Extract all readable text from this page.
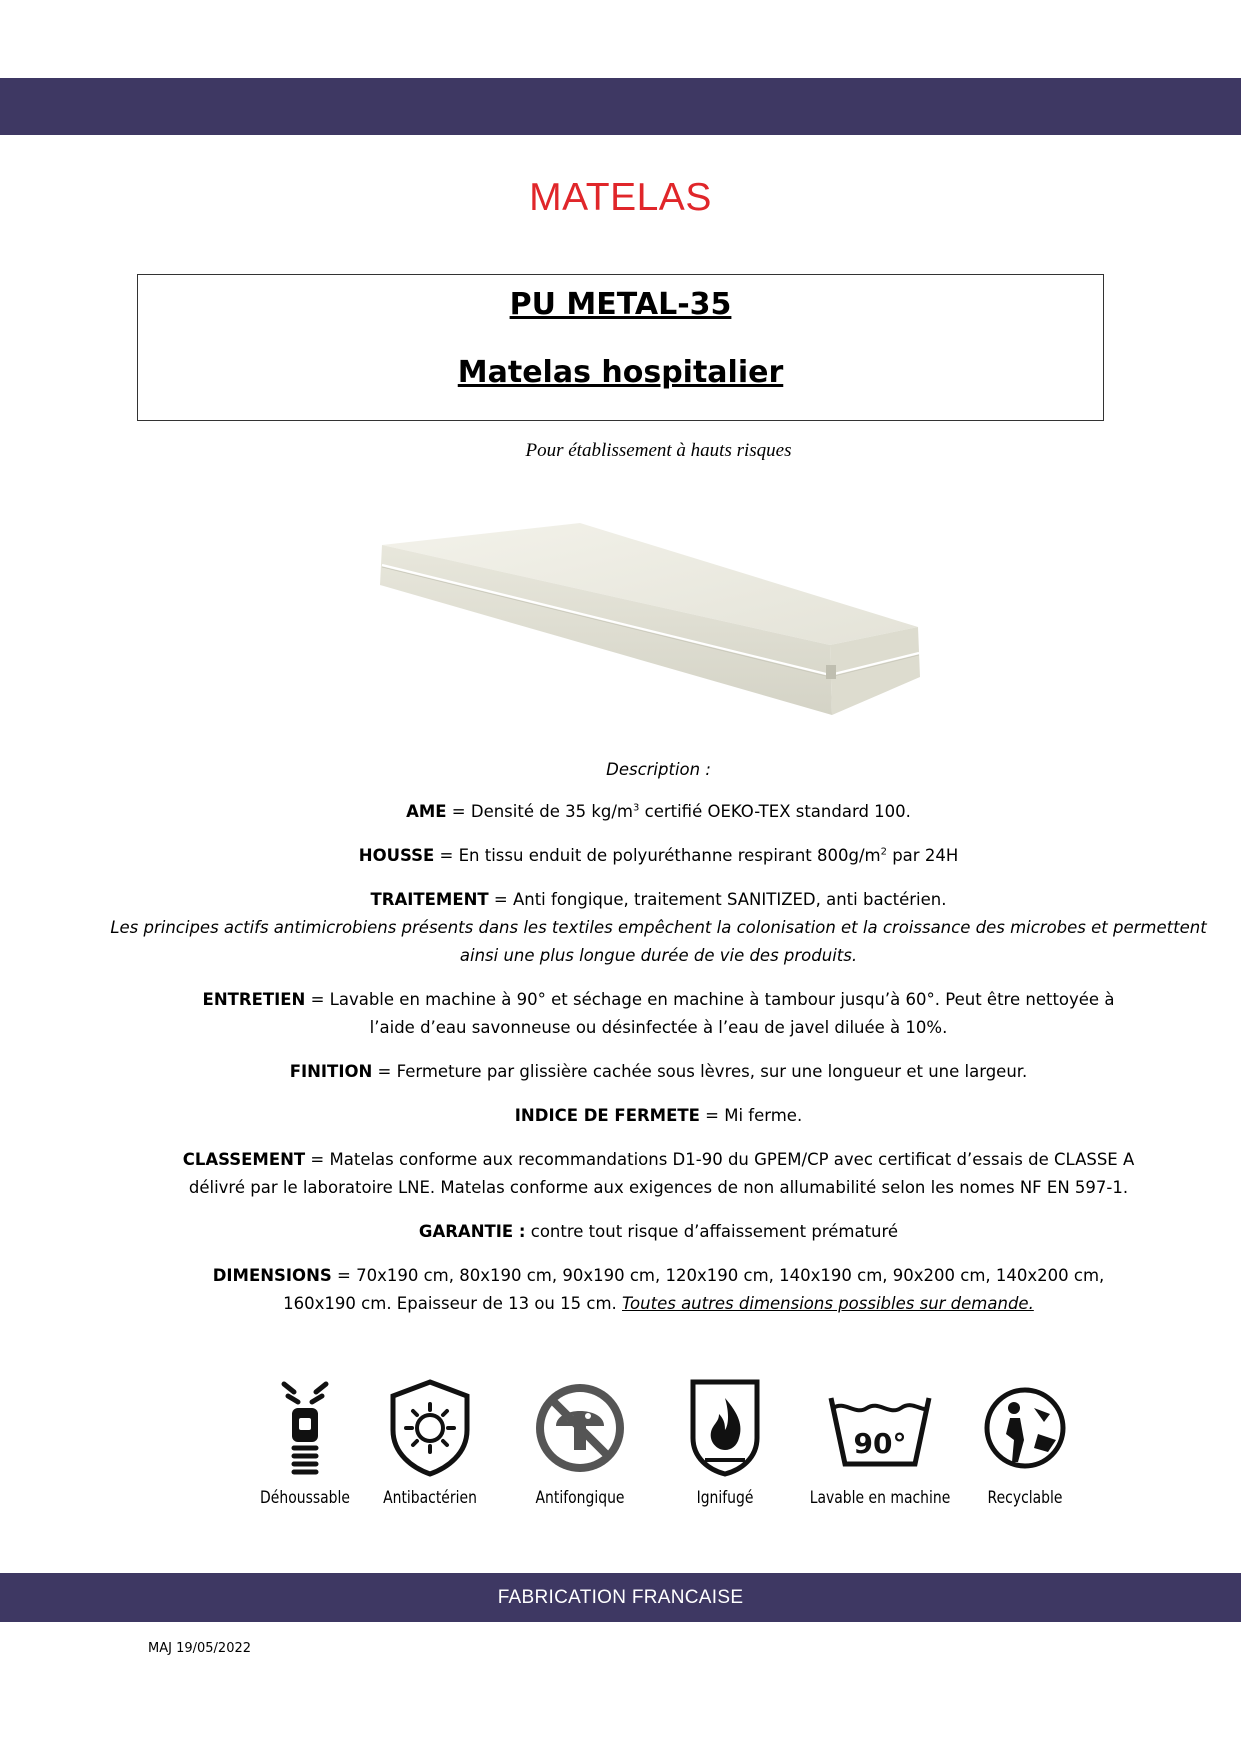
MATELAS
PU METAL-35
Matelas hospitalier
Pour établissement à hauts risques

Description :

AME = Densité de 35 $kg/m^3$ certifié OEKO-TEX standard 100.

HOUSSE = En tissu enduit de polyuréthanne respirant $800g/m^2$ par 24H

TRAITEMENT = Anti fongique, traitement SANITIZED, anti bactérien.
Les principes actifs antimicrobiens présents dans les textiles empêchent la colonisation et la croissance des microbes et permettent ainsi une plus longue durée de vie des produits.

ENTRETIEN = Lavable en machine à 90° et séchage en machine à tambour jusqu’à 60°. Peut être nettoyée à l’aide d’eau savonneuse ou désinfectée à l’eau de javel diluée à 10%.

FINITION = Fermeture par glissière cachée sous lèvres, sur une longueur et une largeur.

INDICE DE FERMETE = Mi ferme.

CLASSEMENT = Matelas conforme aux recommandations D1-90 du GPEM/CP avec certificat d’essais de CLASSE A délivré par le laboratoire LNE. Matelas conforme aux exigences de non allumabilité selon les nomes NF EN 597-1.

GARANTIE : contre tout risque d’affaissement prématuré

DIMENSIONS = 70x190 cm, 80x190 cm, 90x190 cm, 120x190 cm, 140x190 cm, 90x200 cm, 140x200 cm, 160x190 cm. Epaisseur de 13 ou 15 cm. Toutes autres dimensions possibles sur demande.

Déhoussable	Antibactérien	Antifongique	Ignifugé
90°
Lavable en machine	Recyclable
FABRICATION FRANCAISE
MAJ 19/05/2022
